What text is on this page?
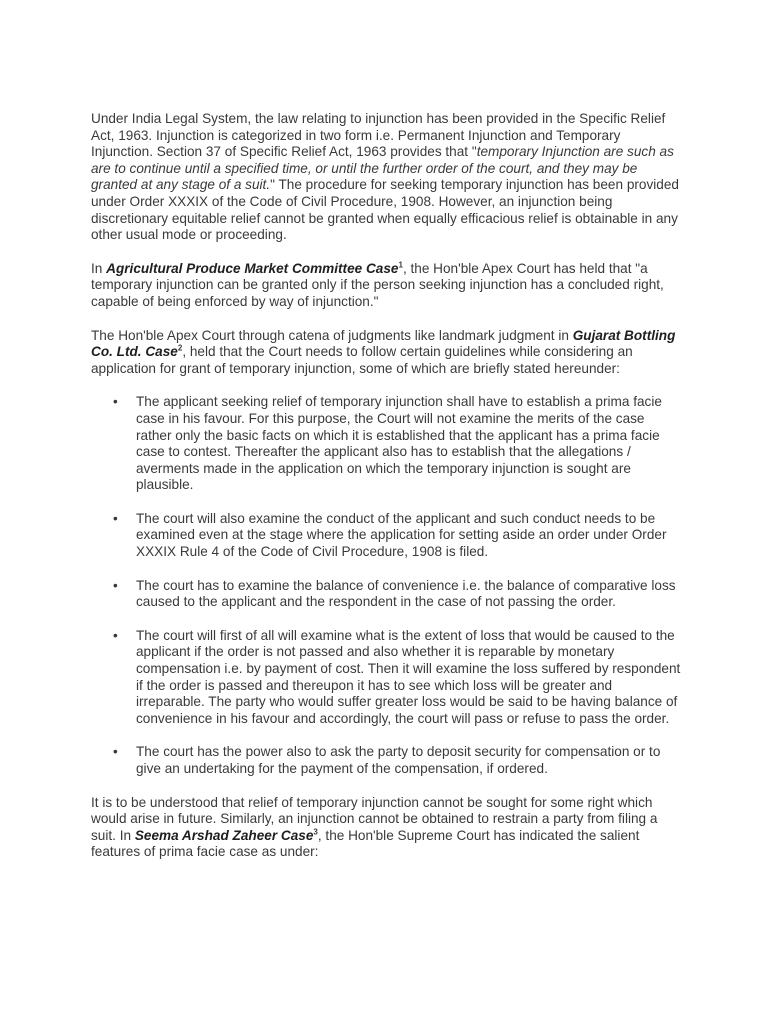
Under India Legal System, the law relating to injunction has been provided in the Specific Relief Act, 1963. Injunction is categorized in two form i.e. Permanent Injunction and Temporary Injunction. Section 37 of Specific Relief Act, 1963 provides that "temporary Injunction are such as are to continue until a specified time, or until the further order of the court, and they may be granted at any stage of a suit." The procedure for seeking temporary injunction has been provided under Order XXXIX of the Code of Civil Procedure, 1908. However, an injunction being discretionary equitable relief cannot be granted when equally efficacious relief is obtainable in any other usual mode or proceeding.

In Agricultural Produce Market Committee Case$^1$, the Hon'ble Apex Court has held that "a temporary injunction can be granted only if the person seeking injunction has a concluded right, capable of being enforced by way of injunction."

The Hon'ble Apex Court through catena of judgments like landmark judgment in Gujarat Bottling Co. Ltd. Case$^2$, held that the Court needs to follow certain guidelines while considering an application for grant of temporary injunction, some of which are briefly stated hereunder:

• The applicant seeking relief of temporary injunction shall have to establish a prima facie case in his favour. For this purpose, the Court will not examine the merits of the case rather only the basic facts on which it is established that the applicant has a prima facie case to contest. Thereafter the applicant also has to establish that the allegations / averments made in the application on which the temporary injunction is sought are plausible.
• The court will also examine the conduct of the applicant and such conduct needs to be examined even at the stage where the application for setting aside an order under Order XXXIX Rule 4 of the Code of Civil Procedure, 1908 is filed.
• The court has to examine the balance of convenience i.e. the balance of comparative loss caused to the applicant and the respondent in the case of not passing the order.
• The court will first of all will examine what is the extent of loss that would be caused to the applicant if the order is not passed and also whether it is reparable by monetary compensation i.e. by payment of cost. Then it will examine the loss suffered by respondent if the order is passed and thereupon it has to see which loss will be greater and irreparable. The party who would suffer greater loss would be said to be having balance of convenience in his favour and accordingly, the court will pass or refuse to pass the order.
• The court has the power also to ask the party to deposit security for compensation or to give an undertaking for the payment of the compensation, if ordered.

It is to be understood that relief of temporary injunction cannot be sought for some right which would arise in future. Similarly, an injunction cannot be obtained to restrain a party from filing a suit. In Seema Arshad Zaheer Case$^3$, the Hon'ble Supreme Court has indicated the salient features of prima facie case as under:
